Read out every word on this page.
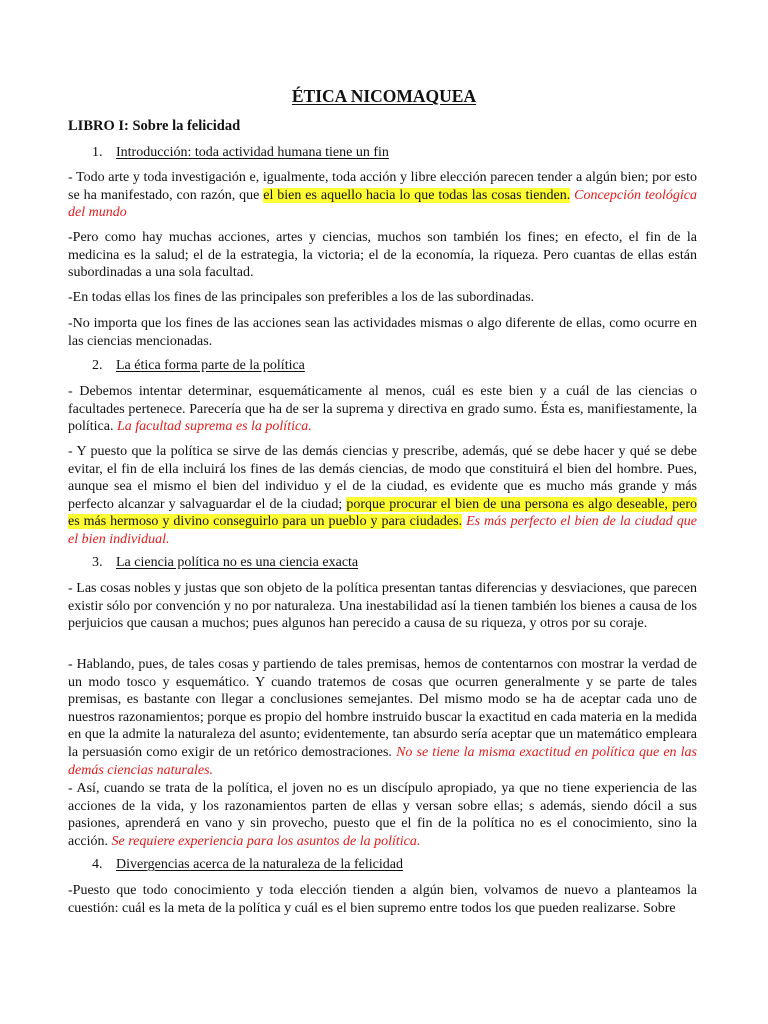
ÉTICA NICOMAQUEA
LIBRO I: Sobre la felicidad
1. Introducción: toda actividad humana tiene un fin
- Todo arte y toda investigación e, igualmente, toda acción y libre elección parecen tender a algún bien; por esto se ha manifestado, con razón, que el bien es aquello hacia lo que todas las cosas tienden. Concepción teológica del mundo
-Pero como hay muchas acciones, artes y ciencias, muchos son también los fines; en efecto, el fin de la medicina es la salud; el de la estrategia, la victoria; el de la economía, la riqueza. Pero cuantas de ellas están subordinadas a una sola facultad.
-En todas ellas los fines de las principales son preferibles a los de las subordinadas.
-No importa que los fines de las acciones sean las actividades mismas o algo diferente de ellas, como ocurre en las ciencias mencionadas.
2. La ética forma parte de la política
- Debemos intentar determinar, esquemáticamente al menos, cuál es este bien y a cuál de las ciencias o facultades pertenece. Parecería que ha de ser la suprema y directiva en grado sumo. Ésta es, manifiestamente, la política. La facultad suprema es la política.
- Y puesto que la política se sirve de las demás ciencias y prescribe, además, qué se debe hacer y qué se debe evitar, el fin de ella incluirá los fines de las demás ciencias, de modo que constituirá el bien del hombre. Pues, aunque sea el mismo el bien del individuo y el de la ciudad, es evidente que es mucho más grande y más perfecto alcanzar y salvaguardar el de la ciudad; porque procurar el bien de una persona es algo deseable, pero es más hermoso y divino conseguirlo para un pueblo y para ciudades. Es más perfecto el bien de la ciudad que el bien individual.
3. La ciencia política no es una ciencia exacta
- Las cosas nobles y justas que son objeto de la política presentan tantas diferencias y desviaciones, que parecen existir sólo por convención y no por naturaleza. Una inestabilidad así la tienen también los bienes a causa de los perjuicios que causan a muchos; pues algunos han perecido a causa de su riqueza, y otros por su coraje.
- Hablando, pues, de tales cosas y partiendo de tales premisas, hemos de contentarnos con mostrar la verdad de un modo tosco y esquemático. Y cuando tratemos de cosas que ocurren generalmente y se parte de tales premisas, es bastante con llegar a conclusiones semejantes. Del mismo modo se ha de aceptar cada uno de nuestros razonamientos; porque es propio del hombre instruido buscar la exactitud en cada materia en la medida en que la admite la naturaleza del asunto; evidentemente, tan absurdo sería aceptar que un matemático empleara la persuasión como exigir de un retórico demostraciones. No se tiene la misma exactitud en política que en las demás ciencias naturales.
- Así, cuando se trata de la política, el joven no es un discípulo apropiado, ya que no tiene experiencia de las acciones de la vida, y los razonamientos parten de ellas y versan sobre ellas; s además, siendo dócil a sus pasiones, aprenderá en vano y sin provecho, puesto que el fin de la política no es el conocimiento, sino la acción. Se requiere experiencia para los asuntos de la política.
4. Divergencias acerca de la naturaleza de la felicidad
-Puesto que todo conocimiento y toda elección tienden a algún bien, volvamos de nuevo a planteamos la cuestión: cuál es la meta de la política y cuál es el bien supremo entre todos los que pueden realizarse. Sobre
